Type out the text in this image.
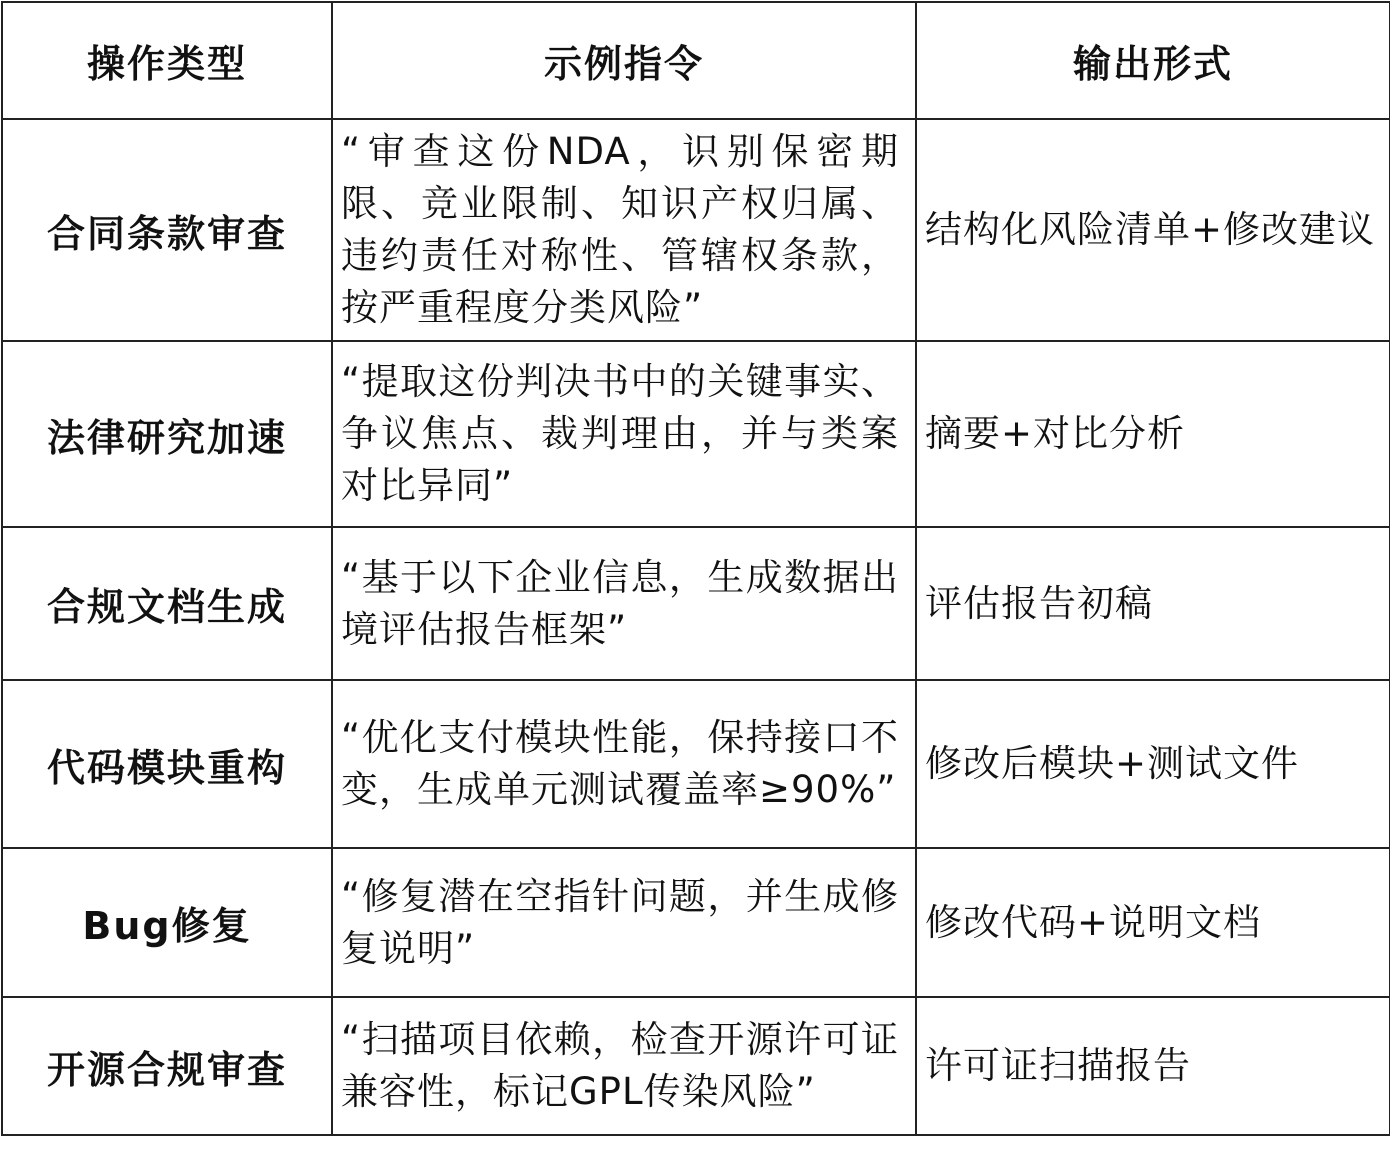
操作类型	示例指令	输出形式
合同条款审查	“审查这份NDA，识别保密期限、竞业限制、知识产权归属、违约责任对称性、管辖权条款，按严重程度分类风险”	结构化风险清单+修改建议
法律研究加速	“提取这份判决书中的关键事实、争议焦点、裁判理由，并与类案对比异同”	摘要+对比分析
合规文档生成	“基于以下企业信息，生成数据出境评估报告框架”	评估报告初稿
代码模块重构	“优化支付模块性能，保持接口不变，生成单元测试覆盖率≥90%”	修改后模块+测试文件
Bug修复	“修复潜在空指针问题，并生成修复说明”	修改代码+说明文档
开源合规审查	“扫描项目依赖，检查开源许可证兼容性，标记GPL传染风险”	许可证扫描报告
